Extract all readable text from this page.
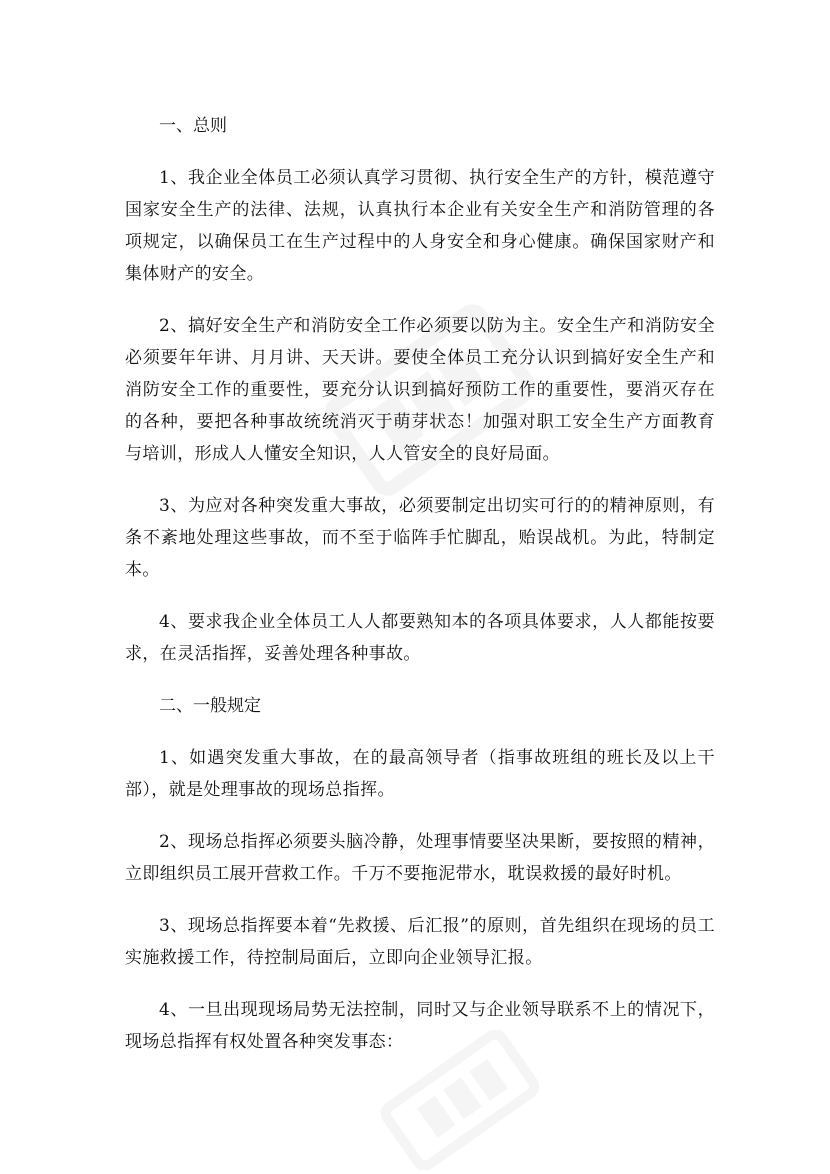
一、总则

1、我企业全体员工必须认真学习贯彻、执行安全生产的方针，模范遵守国家安全生产的法律、法规，认真执行本企业有关安全生产和消防管理的各项规定，以确保员工在生产过程中的人身安全和身心健康。确保国家财产和集体财产的安全。

2、搞好安全生产和消防安全工作必须要以防为主。安全生产和消防安全必须要年年讲、月月讲、天天讲。要使全体员工充分认识到搞好安全生产和消防安全工作的重要性，要充分认识到搞好预防工作的重要性，要消灭存在的各种，要把各种事故统统消灭于萌芽状态！加强对职工安全生产方面教育与培训，形成人人懂安全知识，人人管安全的良好局面。

3、为应对各种突发重大事故，必须要制定出切实可行的的精神原则，有条不紊地处理这些事故，而不至于临阵手忙脚乱，贻误战机。为此，特制定本。

4、要求我企业全体员工人人都要熟知本的各项具体要求，人人都能按要求，在灵活指挥，妥善处理各种事故。

二、一般规定

1、如遇突发重大事故，在的最高领导者（指事故班组的班长及以上干部），就是处理事故的现场总指挥。

2、现场总指挥必须要头脑冷静，处理事情要坚决果断，要按照的精神，立即组织员工展开营救工作。千万不要拖泥带水，耽误救援的最好时机。

3、现场总指挥要本着“先救援、后汇报”的原则，首先组织在现场的员工实施救援工作，待控制局面后，立即向企业领导汇报。

4、一旦出现现场局势无法控制，同时又与企业领导联系不上的情况下，现场总指挥有权处置各种突发事态：
